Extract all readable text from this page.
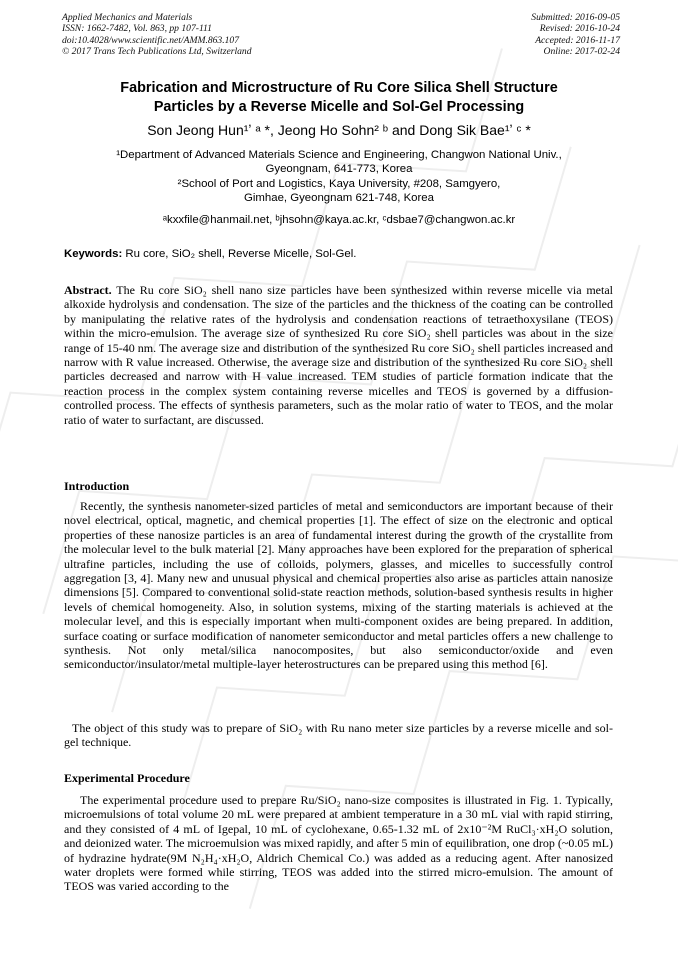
Applied Mechanics and Materials
ISSN: 1662-7482, Vol. 863, pp 107-111
doi:10.4028/www.scientific.net/AMM.863.107
© 2017 Trans Tech Publications Ltd, Switzerland
Submitted: 2016-09-05
Revised: 2016-10-24
Accepted: 2016-11-17
Online: 2017-02-24
Fabrication and Microstructure of Ru Core Silica Shell Structure
Particles by a Reverse Micelle and Sol-Gel Processing
Son Jeong Hun¹ʼ ᵃ *, Jeong Ho Sohn² ᵇ and Dong Sik Bae¹ʼ ᶜ *
¹Department of Advanced Materials Science and Engineering, Changwon National Univ.,
Gyeongnam, 641-773, Korea
²School of Port and Logistics, Kaya University, #208, Samgyero,
Gimhae, Gyeongnam 621-748, Korea
ᵃkxxfile@hanmail.net, ᵇjhsohn@kaya.ac.kr, ᶜdsbae7@changwon.ac.kr
Keywords: Ru core, SiO₂ shell, Reverse Micelle, Sol-Gel.
Abstract. The Ru core SiO₂ shell nano size particles have been synthesized within reverse micelle via metal alkoxide hydrolysis and condensation. The size of the particles and the thickness of the coating can be controlled by manipulating the relative rates of the hydrolysis and condensation reactions of tetraethoxysilane (TEOS) within the micro-emulsion. The average size of synthesized Ru core SiO₂ shell particles was about in the size range of 15-40 nm. The average size and distribution of the synthesized Ru core SiO₂ shell particles increased and narrow with R value increased. Otherwise, the average size and distribution of the synthesized Ru core SiO₂ shell particles decreased and narrow with H value increased. TEM studies of particle formation indicate that the reaction process in the complex system containing reverse micelles and TEOS is governed by a diffusion-controlled process. The effects of synthesis parameters, such as the molar ratio of water to TEOS, and the molar ratio of water to surfactant, are discussed.
Introduction
Recently, the synthesis nanometer-sized particles of metal and semiconductors are important because of their novel electrical, optical, magnetic, and chemical properties [1]. The effect of size on the electronic and optical properties of these nanosize particles is an area of fundamental interest during the growth of the crystallite from the molecular level to the bulk material [2]. Many approaches have been explored for the preparation of spherical ultrafine particles, including the use of colloids, polymers, glasses, and micelles to successfully control aggregation [3, 4]. Many new and unusual physical and chemical properties also arise as particles attain nanosize dimensions [5]. Compared to conventional solid-state reaction methods, solution-based synthesis results in higher levels of chemical homogeneity. Also, in solution systems, mixing of the starting materials is achieved at the molecular level, and this is especially important when multi-component oxides are being prepared. In addition, surface coating or surface modification of nanometer semiconductor and metal particles offers a new challenge to synthesis. Not only metal/silica nanocomposites, but also semiconductor/oxide and even semiconductor/insulator/metal multiple-layer heterostructures can be prepared using this method [6].
The object of this study was to prepare of SiO₂ with Ru nano meter size particles by a reverse micelle and sol-gel technique.
Experimental Procedure
The experimental procedure used to prepare Ru/SiO₂ nano-size composites is illustrated in Fig. 1. Typically, microemulsions of total volume 20 mL were prepared at ambient temperature in a 30 mL vial with rapid stirring, and they consisted of 4 mL of Igepal, 10 mL of cyclohexane, 0.65-1.32 mL of 2x10⁻²M RuCl₃·xH₂O solution, and deionized water. The microemulsion was mixed rapidly, and after 5 min of equilibration, one drop (~0.05 mL) of hydrazine hydrate(9M N₂H₄·xH₂O, Aldrich Chemical Co.) was added as a reducing agent. After nanosized water droplets were formed while stirring, TEOS was added into the stirred micro-emulsion. The amount of TEOS was varied according to the
